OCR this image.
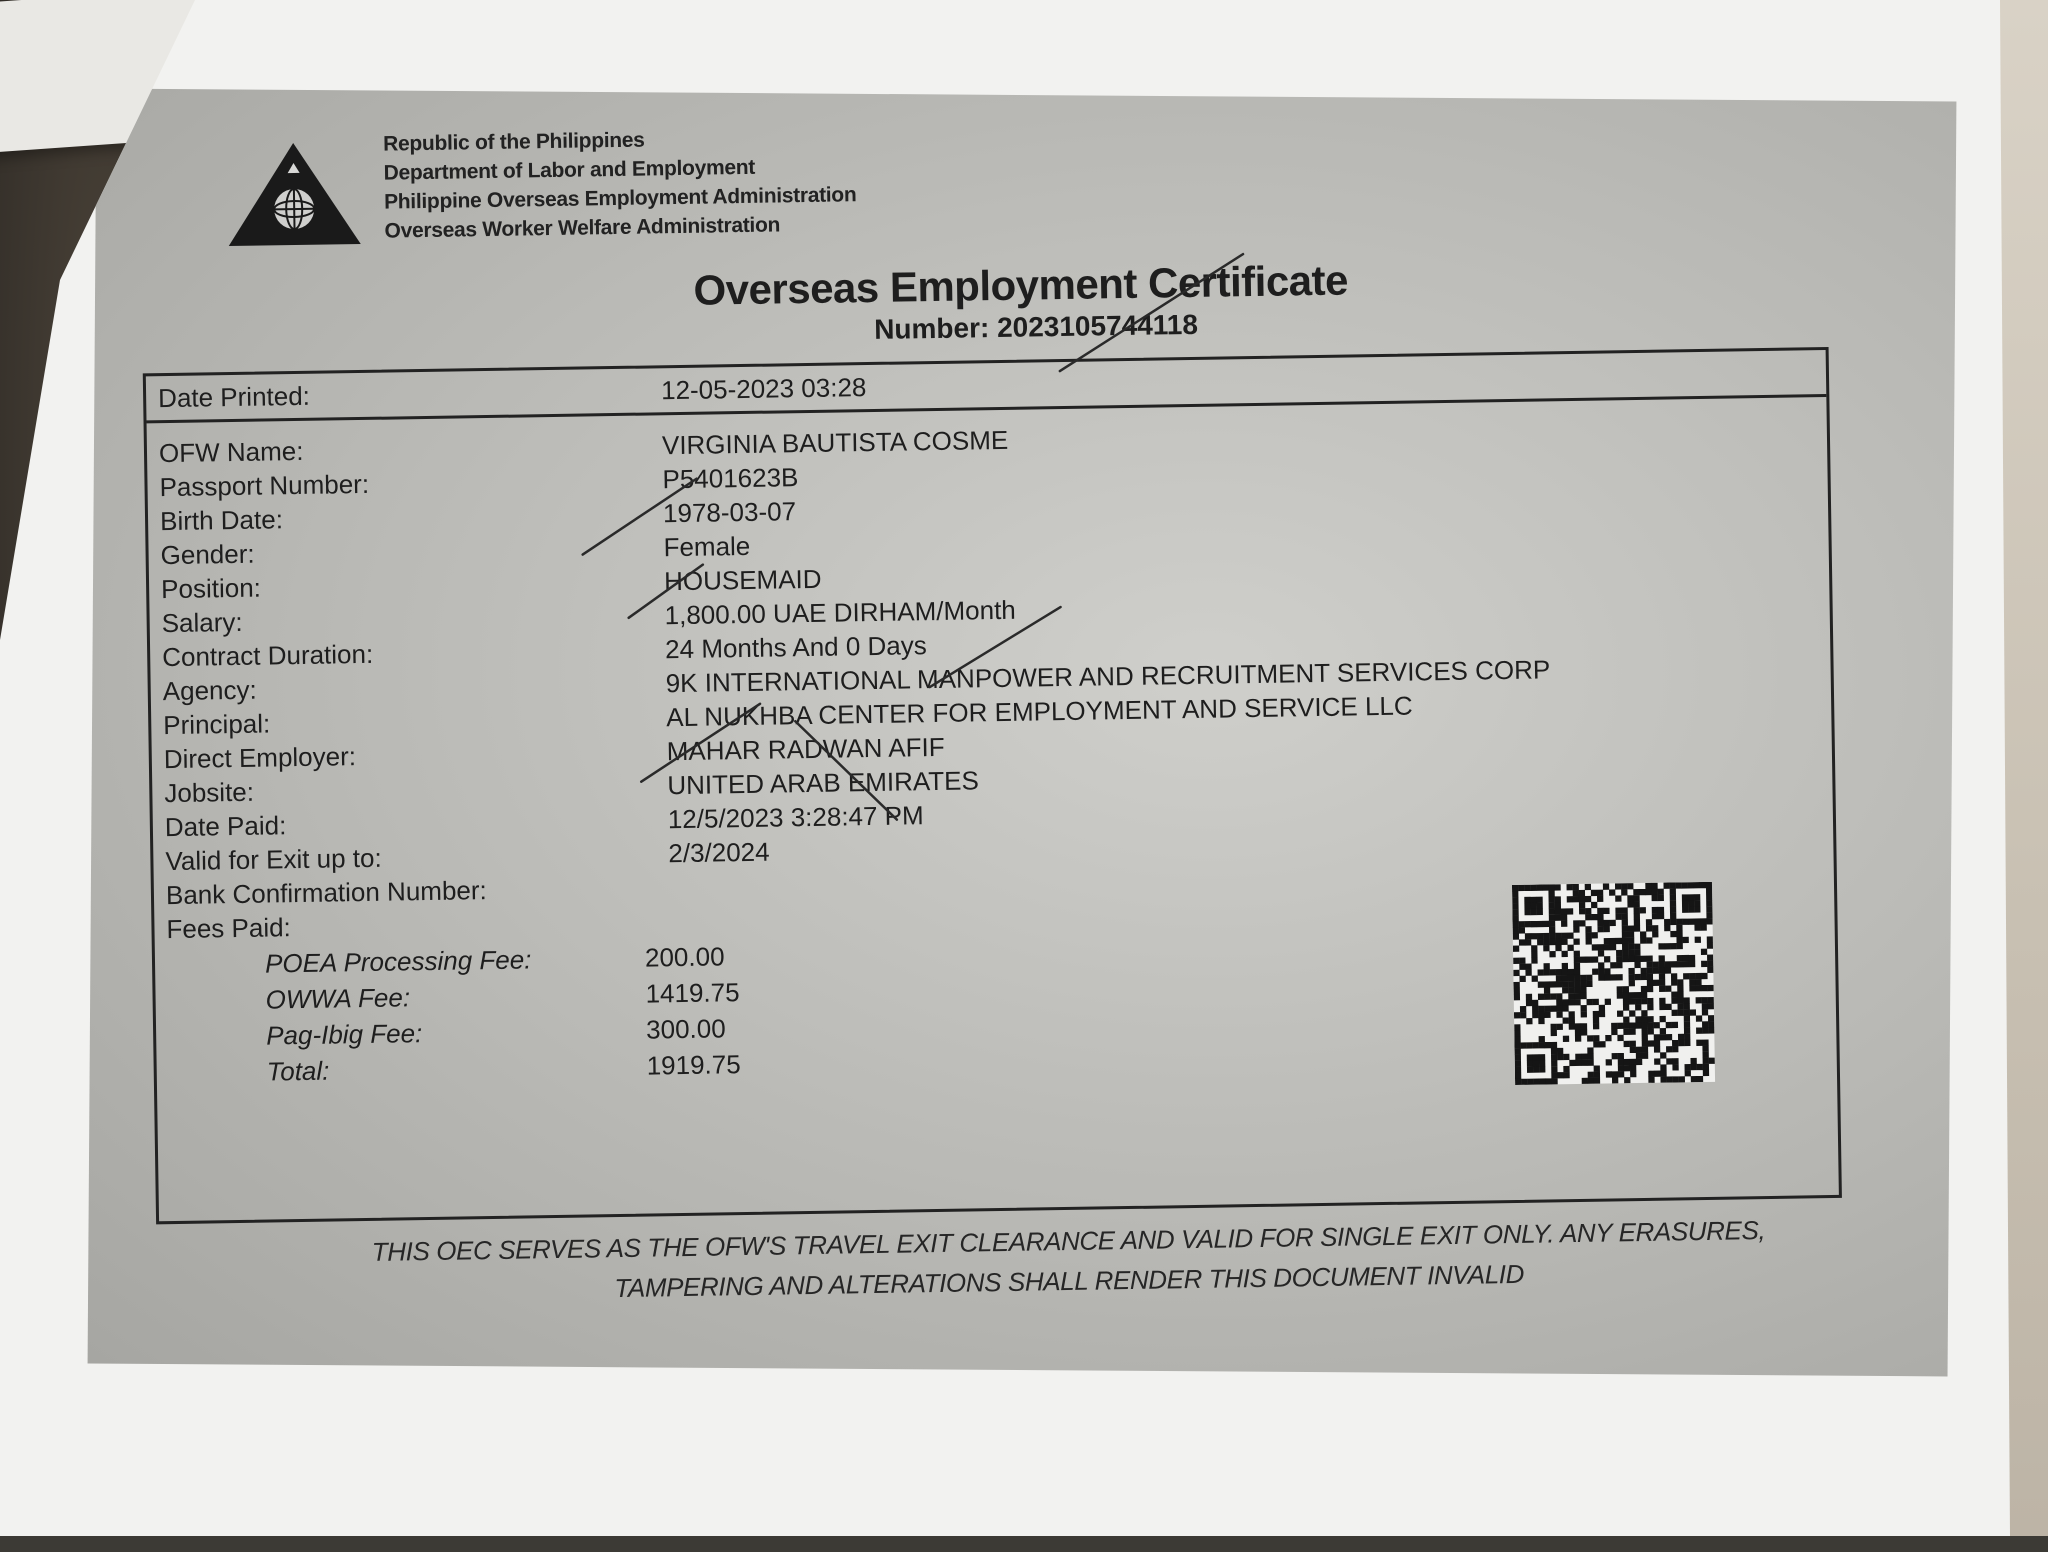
Republic of the Philippines
Department of Labor and Employment
Philippine Overseas Employment Administration
Overseas Worker Welfare Administration
Overseas Employment Certificate
Number: 2023105744118
Date Printed:	12-05-2023 03:28
OFW Name:	VIRGINIA BAUTISTA COSME
Passport Number:	P5401623B
Birth Date:	1978-03-07
Gender:	Female
Position:	HOUSEMAID
Salary:	1,800.00 UAE DIRHAM/Month
Contract Duration:	24 Months And 0 Days
Agency:	9K INTERNATIONAL MANPOWER AND RECRUITMENT SERVICES CORP
Principal:	AL NUKHBA CENTER FOR EMPLOYMENT AND SERVICE LLC
Direct Employer:	MAHAR RADWAN AFIF
Jobsite:	UNITED ARAB EMIRATES
Date Paid:	12/5/2023 3:28:47 PM
Valid for Exit up to:	2/3/2024
Bank Confirmation Number:
Fees Paid:
POEA Processing Fee:	200.00
OWWA Fee:	1419.75
Pag-Ibig Fee:	300.00
Total:	1919.75
THIS OEC SERVES AS THE OFW'S TRAVEL EXIT CLEARANCE AND VALID FOR SINGLE EXIT ONLY. ANY ERASURES,
TAMPERING AND ALTERATIONS SHALL RENDER THIS DOCUMENT INVALID
